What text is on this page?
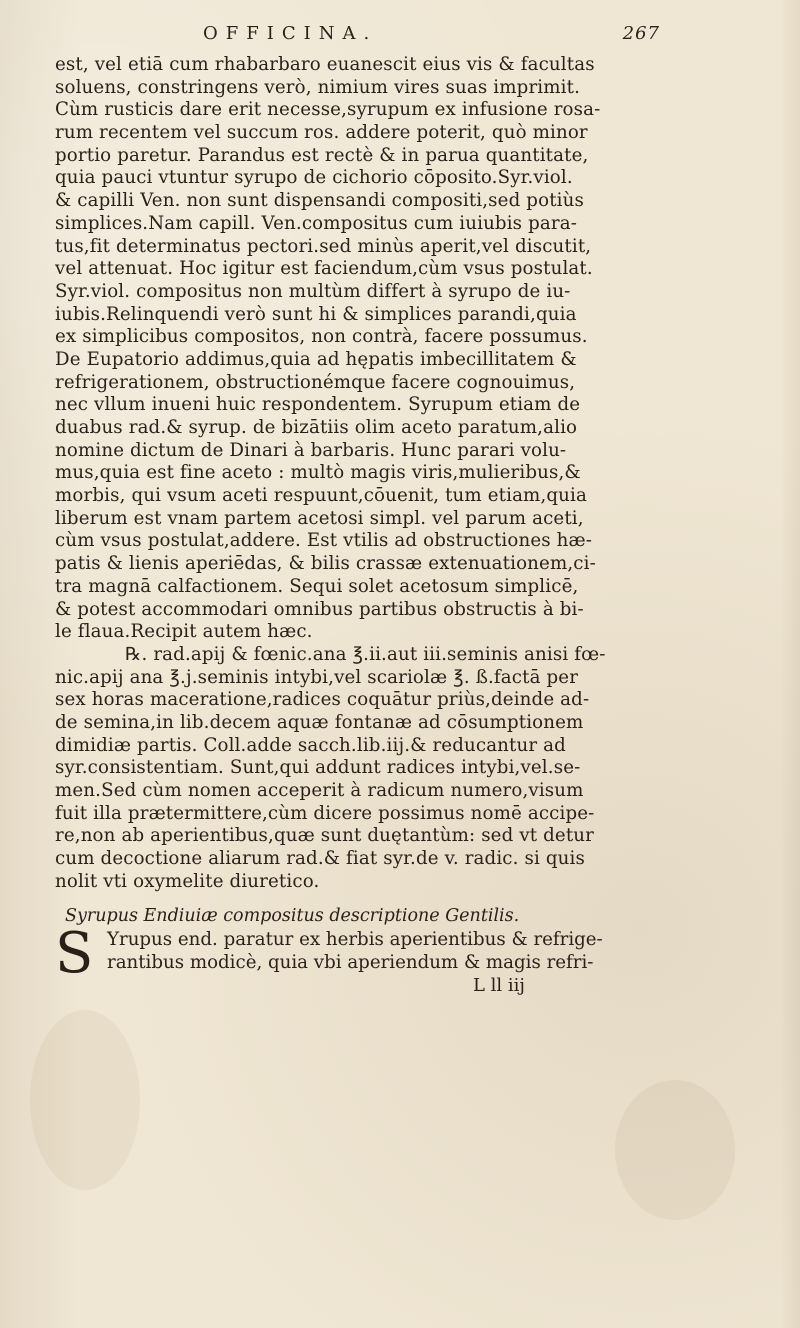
OFFICINA.	267
est, vel etiā cum rhabarbaro euanescit eius vis & facultas
soluens, constringens verò, nimium vires suas imprimit.
Cùm rusticis dare erit necesse,syrupum ex infusione rosa-
rum recentem vel succum ros. addere poterit, quò minor
portio paretur. Parandus est rectè & in parua quantitate,
quia pauci vtuntur syrupo de cichorio cōposito.Syr.viol.
& capilli Ven. non sunt dispensandi compositi,sed potiùs
simplices.Nam capill. Ven.compositus cum iuiubis para-
tus,fit determinatus pectori.sed minùs aperit,vel discutit,
vel attenuat. Hoc igitur est faciendum,cùm vsus postulat.
Syr.viol. compositus non multùm differt à syrupo de iu-
iubis.Relinquendi verò sunt hi & simplices parandi,quia
ex simplicibus compositos, non contrà, facere possumus.
De Eupatorio addimus,quia ad hępatis imbecillitatem &
refrigerationem, obstructionémque facere cognouimus,
nec vllum inueni huic respondentem. Syrupum etiam de
duabus rad.& syrup. de bizātiis olim aceto paratum,alio
nomine dictum de Dinari à barbaris. Hunc parari volu-
mus,quia est fine aceto : multò magis viris,mulieribus,&
morbis, qui vsum aceti respuunt,cōuenit, tum etiam,quia
liberum est vnam partem acetosi simpl. vel parum aceti,
cùm vsus postulat,addere. Est vtilis ad obstructiones hæ-
patis & lienis aperiēdas, & bilis crassæ extenuationem,ci-
tra magnā calfactionem. Sequi solet acetosum simplicē,
& potest accommodari omnibus partibus obstructis à bi-
le flaua.Recipit autem hæc.
℞. rad.apij & fœnic.ana ℥.ii.aut iii.seminis anisi fœ-
nic.apij ana ℥.j.seminis intybi,vel scariolæ ℥. ß.factā per
sex horas maceratione,radices coquātur priùs,deinde ad-
de semina,in lib.decem aquæ fontanæ ad cōsumptionem
dimidiæ partis. Coll.adde sacch.lib.iij.& reducantur ad
syr.consistentiam. Sunt,qui addunt radices intybi,vel.se-
men.Sed cùm nomen acceperit à radicum numero,visum
fuit illa prætermittere,cùm dicere possimus nomē accipe-
re,non ab aperientibus,quæ sunt duętantùm: sed vt detur
cum decoctione aliarum rad.& fiat syr.de v. radic. si quis
nolit vti oxymelite diuretico.
Syrupus Endiuiæ compositus descriptione Gentilis.
S Yrupus end. paratur ex herbis aperientibus & refrige-
rantibus modicè, quia vbi aperiendum & magis refri-
L ll iij
